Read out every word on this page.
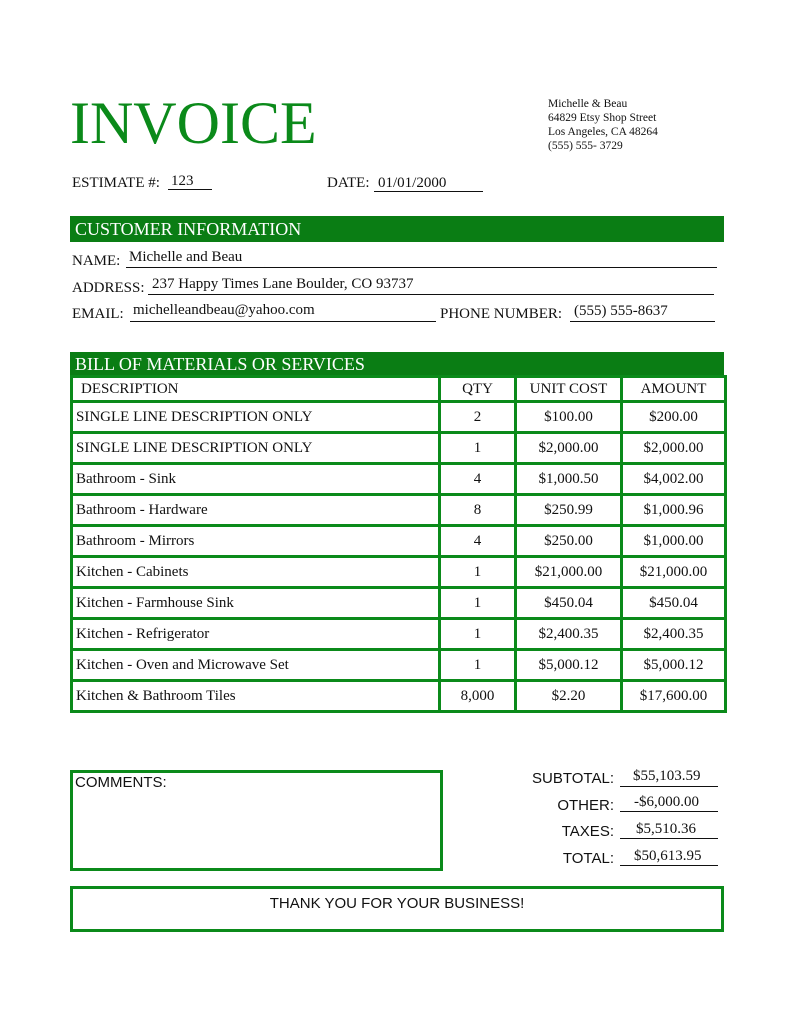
INVOICE	Michelle & Beau
64829 Etsy Shop Street
Los Angeles, CA 48264
(555) 555- 3729
ESTIMATE #: 123	DATE: 01/01/2000
CUSTOMER INFORMATION
NAME: Michelle and Beau
ADDRESS: 237 Happy Times Lane Boulder, CO 93737
EMAIL: michelleandbeau@yahoo.com	PHONE NUMBER: (555) 555-8637
BILL OF MATERIALS OR SERVICES
DESCRIPTION	QTY	UNIT COST	AMOUNT
SINGLE LINE DESCRIPTION ONLY	2	$100.00	$200.00
SINGLE LINE DESCRIPTION ONLY	1	$2,000.00	$2,000.00
Bathroom - Sink	4	$1,000.50	$4,002.00
Bathroom - Hardware	8	$250.99	$1,000.96
Bathroom - Mirrors	4	$250.00	$1,000.00
Kitchen - Cabinets	1	$21,000.00	$21,000.00
Kitchen - Farmhouse Sink	1	$450.04	$450.04
Kitchen - Refrigerator	1	$2,400.35	$2,400.35
Kitchen - Oven and Microwave Set	1	$5,000.12	$5,000.12
Kitchen & Bathroom Tiles	8,000	$2.20	$17,600.00
COMMENTS:	SUBTOTAL: $55,103.59
OTHER: -$6,000.00
TAXES: $5,510.36
TOTAL: $50,613.95
THANK YOU FOR YOUR BUSINESS!
